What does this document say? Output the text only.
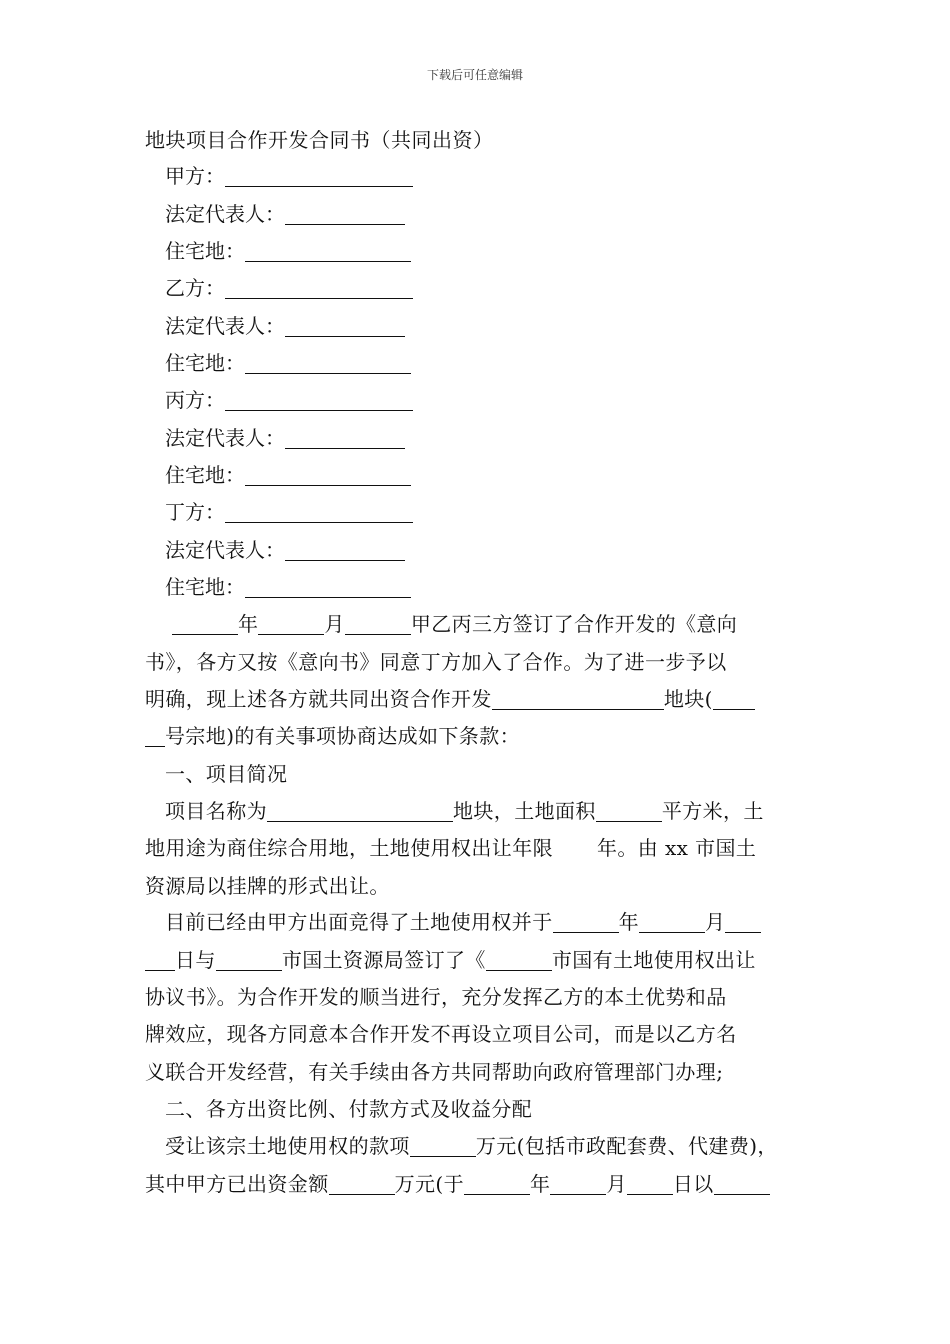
下载后可任意编辑
地块项目合作开发合同书（共同出资）
甲方：
法定代表人：
住宅地：
乙方：
法定代表人：
住宅地：
丙方：
法定代表人：
住宅地：
丁方：
法定代表人：
住宅地：
年	月	甲乙丙三方签订了合作开发的《意向
书》，各方又按《意向书》同意丁方加入了合作。为了进一步予以
明确，现上述各方就共同出资合作开发	地块(
号宗地)的有关事项协商达成如下条款：
一、项目简况
项目名称为	地块，土地面积	平方米，土
地用途为商住综合用地，土地使用权出让年限 年。由 xx 市国土
资源局以挂牌的形式出让。
目前已经由甲方出面竞得了土地使用权并于	年	月
日与	市国土资源局签订了《	市国有土地使用权出让
协议书》。为合作开发的顺当进行，充分发挥乙方的本土优势和品
牌效应，现各方同意本合作开发不再设立项目公司，而是以乙方名
义联合开发经营，有关手续由各方共同帮助向政府管理部门办理;
二、各方出资比例、付款方式及收益分配
受让该宗土地使用权的款项	万元(包括市政配套费、代建费)，
其中甲方已出资金额	万元(于	年	月 日以
